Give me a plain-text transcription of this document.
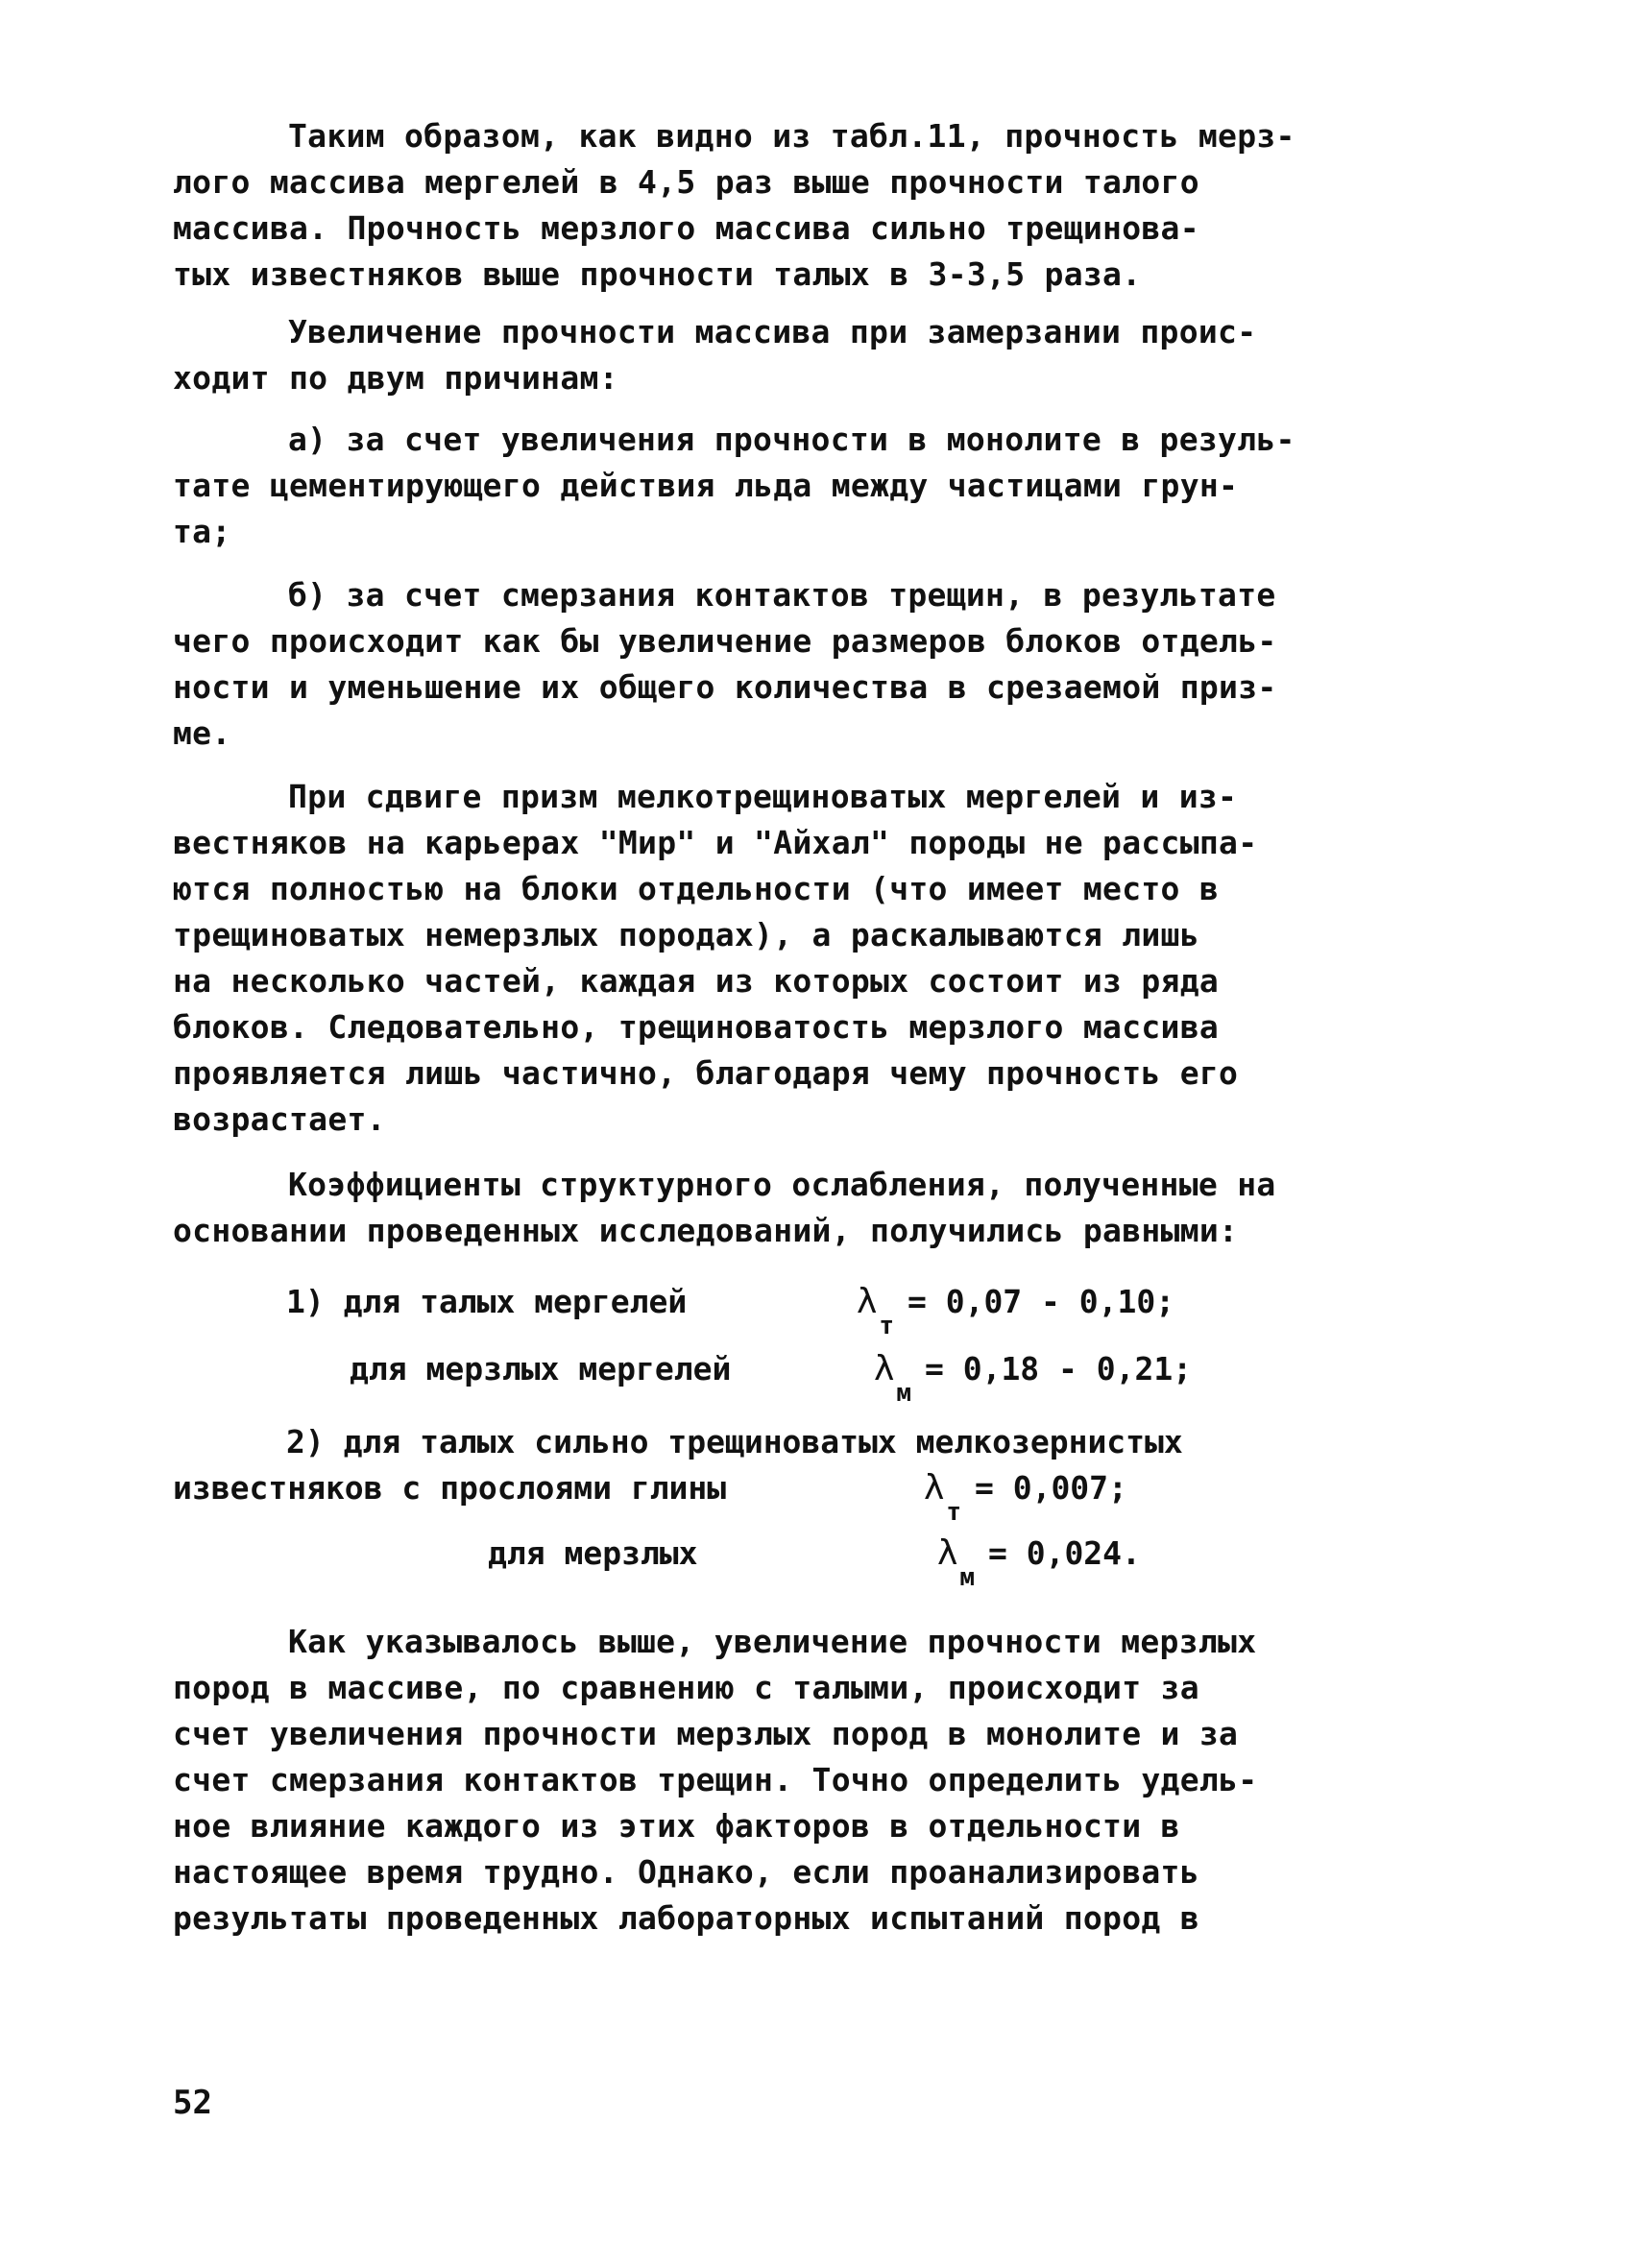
Таким образом, как видно из табл.11, прочность мерз-
лого массива мергелей в 4,5 раз выше прочности талого
массива. Прочность мерзлого массива сильно трещинова-
тых известняков выше прочности талых в 3-3,5 раза.
Увеличение прочности массива при замерзании проис-
ходит по двум причинам:
а) за счет увеличения прочности в монолите в резуль-
тате цементирующего действия льда между частицами грун-
та;
б) за счет смерзания контактов трещин, в результате
чего происходит как бы увеличение размеров блоков отдель-
ности и уменьшение их общего количества в срезаемой приз-
ме.
При сдвиге призм мелкотрещиноватых мергелей и из-
вестняков на карьерах "Мир" и "Айхал" породы не рассыпа-
ются полностью на блоки отдельности (что имеет место в
трещиноватых немерзлых породах), а раскалываются лишь
на несколько частей, каждая из которых состоит из ряда
блоков. Следовательно, трещиноватость мерзлого массива
проявляется лишь частично, благодаря чему прочность его
возрастает.
Коэффициенты структурного ослабления, полученные на
основании проведенных исследований, получились равными:
1) для талых мергелей	$\lambda_т= 0,07 - 0,10$;
для мерзлых мергелей	$\lambda_м= 0,18 - 0,21$;
2) для талых сильно трещиноватых мелкозернистых
известняков с прослоями глины	$\lambda_т= 0,007$;
для мерзлых	$\lambda_м= 0,024$.
Как указывалось выше, увеличение прочности мерзлых
пород в массиве, по сравнению с талыми, происходит за
счет увеличения прочности мерзлых пород в монолите и за
счет смерзания контактов трещин. Точно определить удель-
ное влияние каждого из этих факторов в отдельности в
настоящее время трудно. Однако, если проанализировать
результаты проведенных лабораторных испытаний пород в
52
